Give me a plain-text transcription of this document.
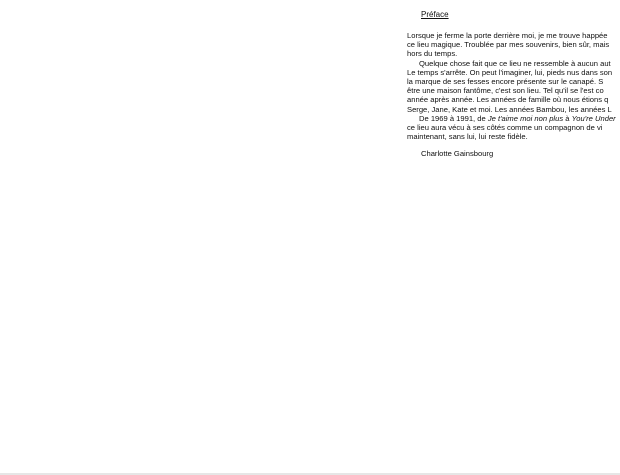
Préface
Lorsque je ferme la porte derrière moi, je me trouve happée
ce lieu magique. Troublée par mes souvenirs, bien sûr, mais
hors du temps.
Quelque chose fait que ce lieu ne ressemble à aucun aut
Le temps s'arrête. On peut l'imaginer, lui, pieds nus dans son
la marque de ses fesses encore présente sur le canapé. S
être une maison fantôme, c'est son lieu. Tel qu'il se l'est co
année après année. Les années de famille où nous étions q
Serge, Jane, Kate et moi. Les années Bambou, les années L
De 1969 à 1991, de Je t'aime moi non plus à You're Under
ce lieu aura vécu à ses côtés comme un compagnon de vi
maintenant, sans lui, lui reste fidèle.
Charlotte Gainsbourg
